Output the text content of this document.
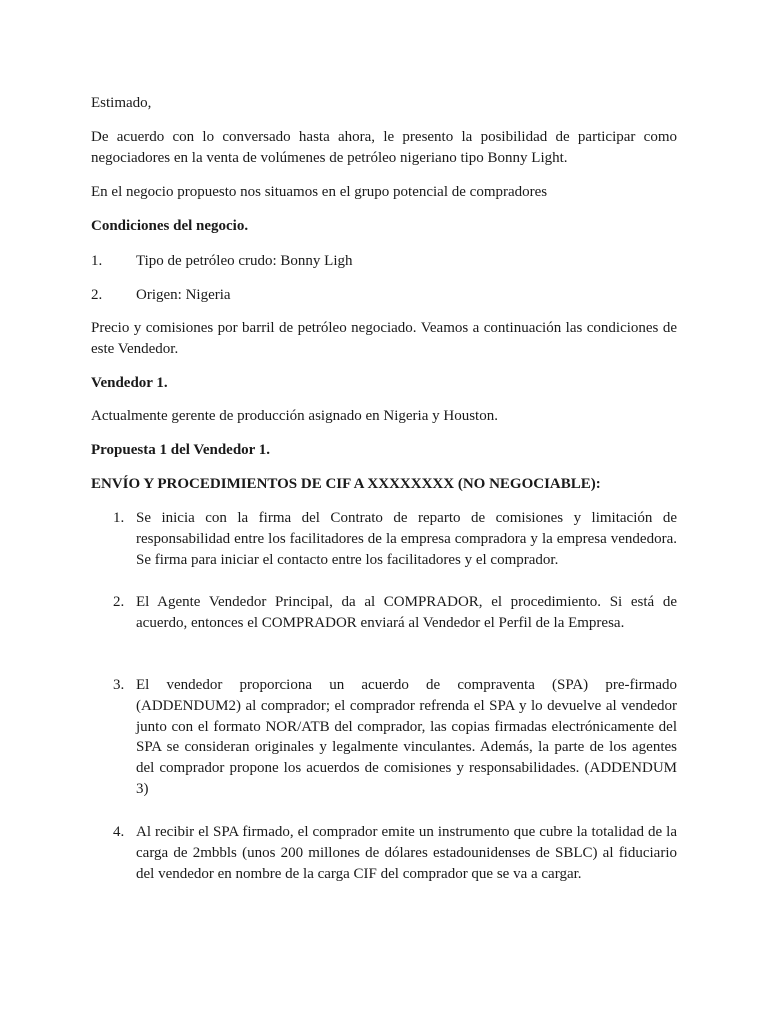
Estimado,

De acuerdo con lo conversado hasta ahora, le presento la posibilidad de participar como negociadores en la venta de volúmenes de petróleo nigeriano tipo Bonny Light.

En el negocio propuesto nos situamos en el grupo potencial de compradores

Condiciones del negocio.

1. Tipo de petróleo crudo: Bonny Ligh

2. Origen: Nigeria

Precio y comisiones por barril de petróleo negociado. Veamos a continuación las condiciones de este Vendedor.

Vendedor 1.

Actualmente gerente de producción asignado en Nigeria y Houston.

Propuesta 1 del Vendedor 1.

ENVÍO Y PROCEDIMIENTOS DE CIF A XXXXXXXX (NO NEGOCIABLE):

1. Se inicia con la firma del Contrato de reparto de comisiones y limitación de responsabilidad entre los facilitadores de la empresa compradora y la empresa vendedora. Se firma para iniciar el contacto entre los facilitadores y el comprador.

2. El Agente Vendedor Principal, da al COMPRADOR, el procedimiento. Si está de acuerdo, entonces el COMPRADOR enviará al Vendedor el Perfil de la Empresa.

3. El vendedor proporciona un acuerdo de compraventa (SPA) pre-firmado (ADDENDUM2) al comprador; el comprador refrenda el SPA y lo devuelve al vendedor junto con el formato NOR/ATB del comprador, las copias firmadas electrónicamente del SPA se consideran originales y legalmente vinculantes. Además, la parte de los agentes del comprador propone los acuerdos de comisiones y responsabilidades. (ADDENDUM 3)

4. Al recibir el SPA firmado, el comprador emite un instrumento que cubre la totalidad de la carga de 2mbbls (unos 200 millones de dólares estadounidenses de SBLC) al fiduciario del vendedor en nombre de la carga CIF del comprador que se va a cargar.
